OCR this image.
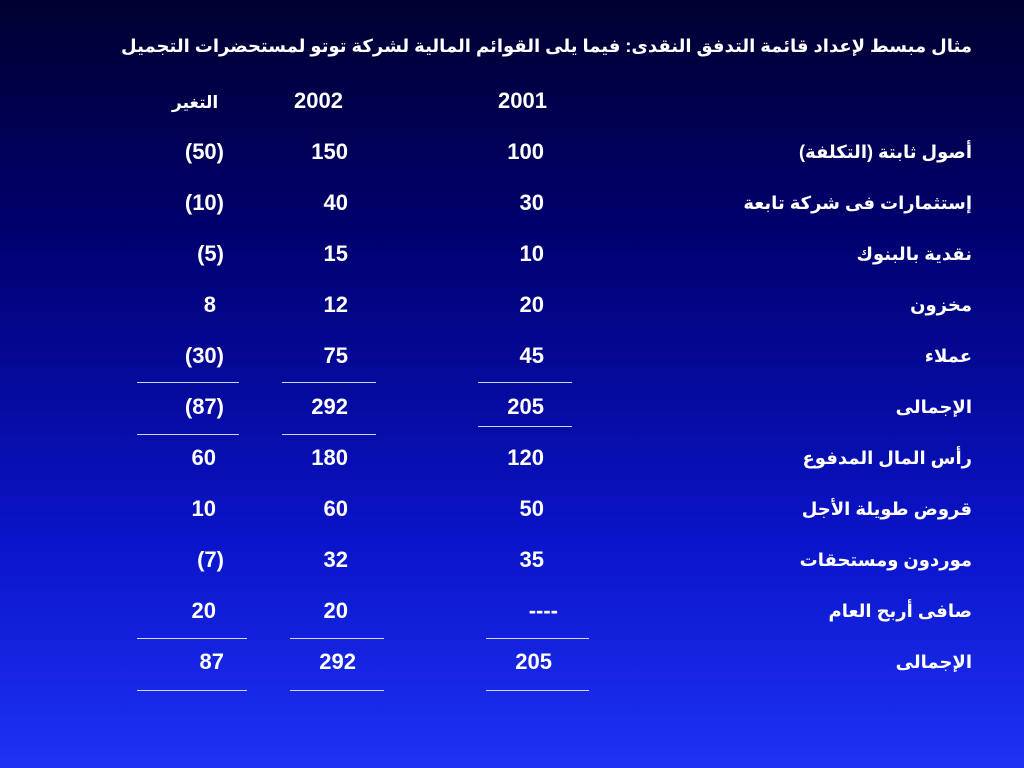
مثال مبسط لإعداد قائمة التدفق النقدى: فيما يلى القوائم المالية لشركة توتو لمستحضرات التجميل
التغير	2002	2001
أصول ثابتة (التكلفة)
100
150
(50)
إستثمارات فى شركة تابعة
30
40
(10)
نقدية بالبنوك
10
15
(5)
مخزون
20
12
8
عملاء
45
75
(30)
الإجمالى
205
292
(87)
رأس المال المدفوع
120
180
60
قروض طويلة الأجل
50
60
10
موردون ومستحقات
35
32
(7)
صافى أربح العام
----
20
20
الإجمالى
205
292
87
